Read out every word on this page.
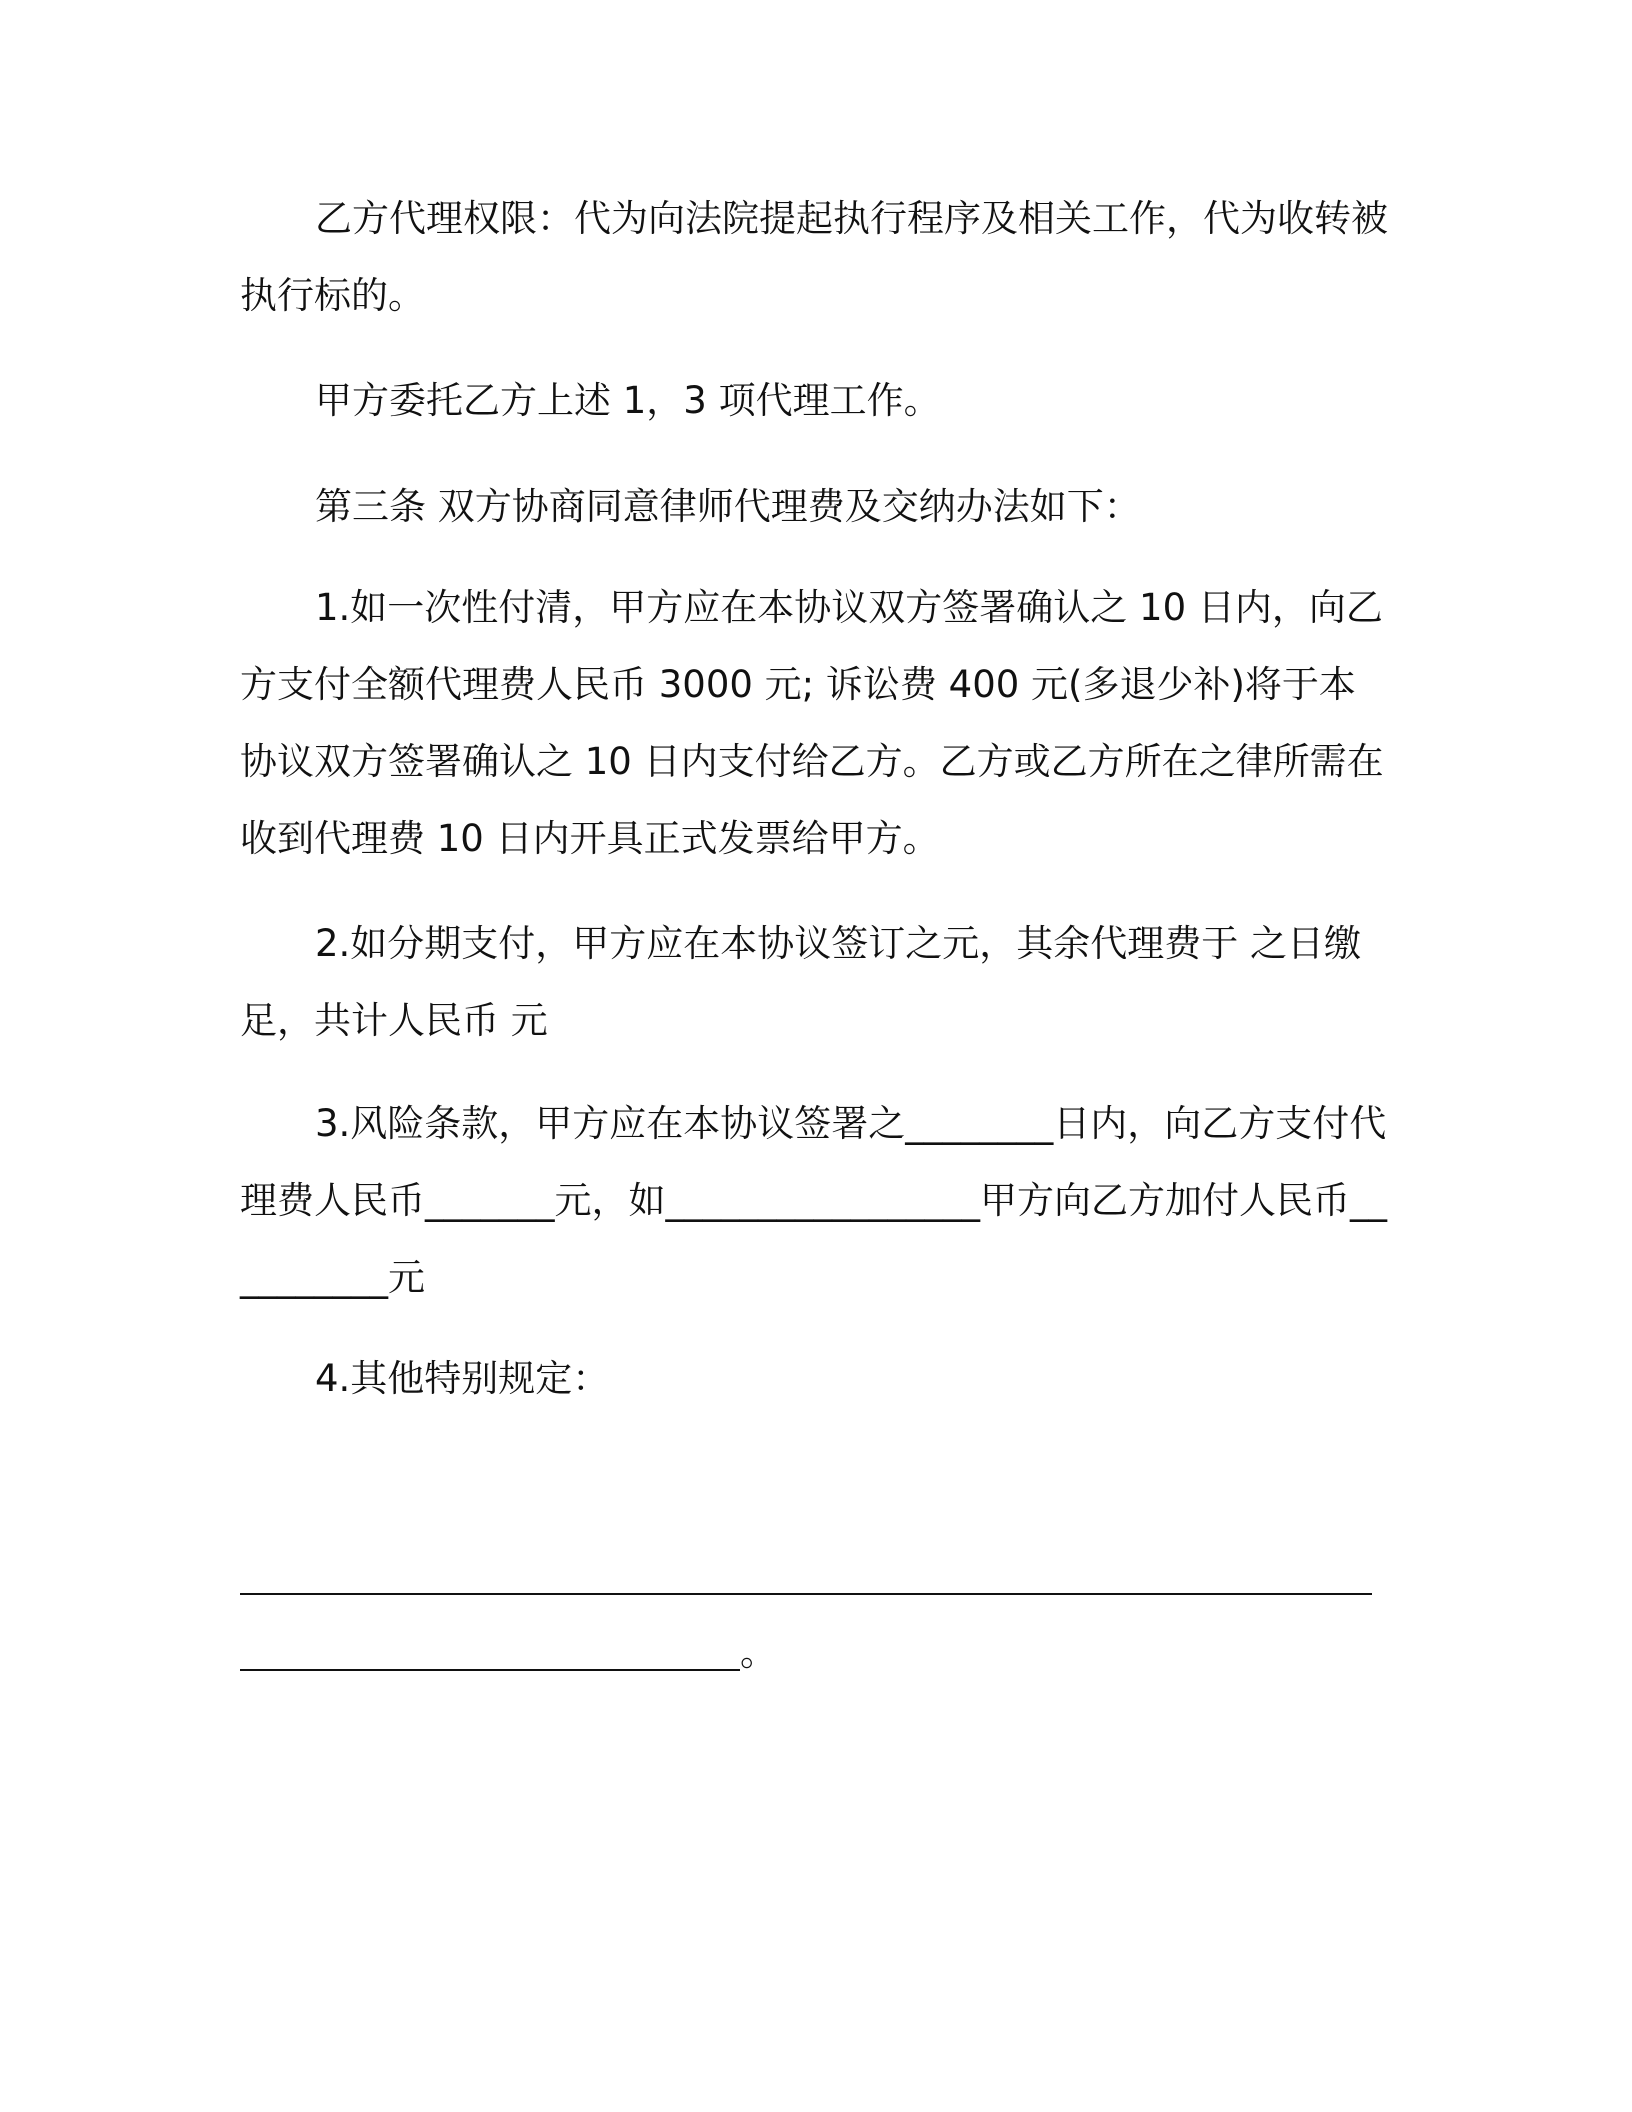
乙方代理权限：代为向法院提起执行程序及相关工作，代为收转被执行标的。
甲方委托乙方上述 1，3 项代理工作。
第三条 双方协商同意律师代理费及交纳办法如下：
1.如一次性付清，甲方应在本协议双方签署确认之 10 日内，向乙方支付全额代理费人民币 3000 元; 诉讼费 400 元(多退少补)将于本协议双方签署确认之 10 日内支付给乙方。乙方或乙方所在之律所需在收到代理费 10 日内开具正式发票给甲方。
2.如分期支付，甲方应在本协议签订之元，其余代理费于 之日缴足，共计人民币 元
3.风险条款，甲方应在本协议签署之________日内，向乙方支付代理费人民币_______元，如_________________甲方向乙方加付人民币__________元
4.其他特别规定：
。
